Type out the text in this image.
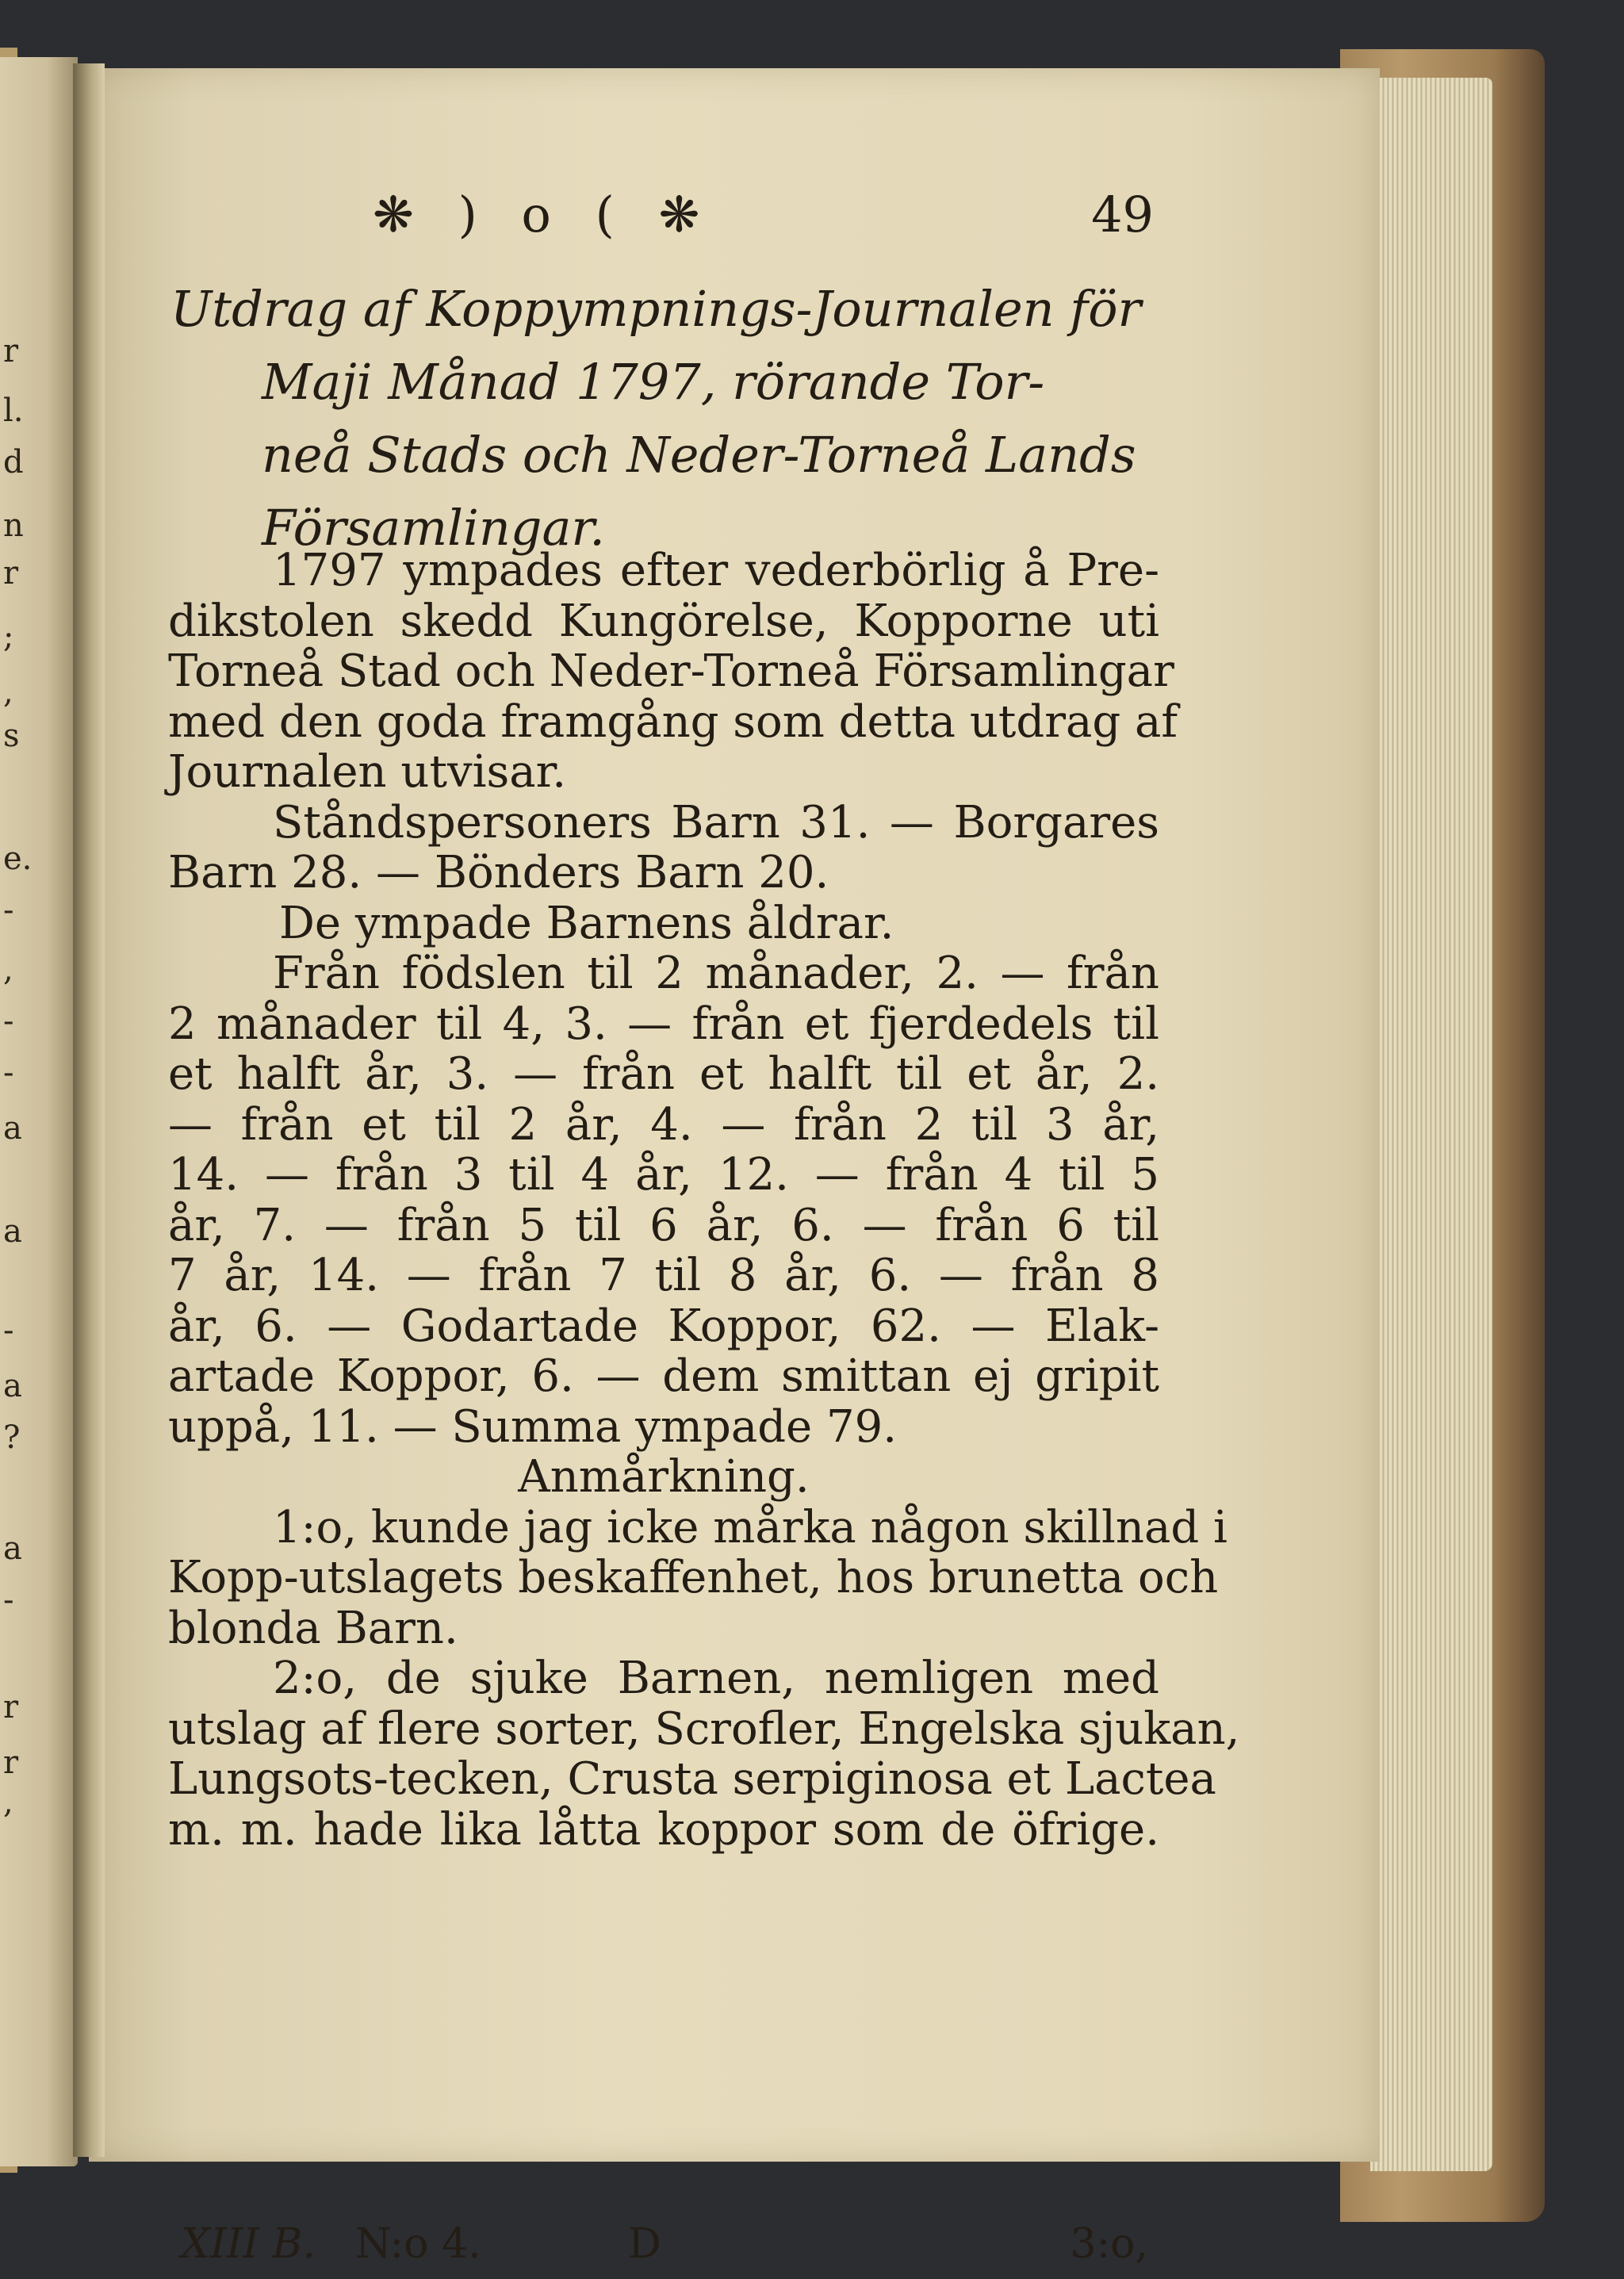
r
l.
d
n
r
;
,
s
e.
-
,
-
-
a
a
-
a
?
a
-
r
r
,
❋ ) o ( ❋	49
Utdrag af Koppympnings-Journalen för
Maji Månad 1797, rörande Tor-
neå Stads och Neder-Torneå Lands
Församlingar.
1797 ympades efter vederbörlig å Pre-
dikstolen skedd Kungörelse, Kopporne uti
Torneå Stad och Neder-Torneå Församlingar
med den goda framgång som detta utdrag af
Journalen utvisar.
Ståndspersoners Barn 31. — Borgares
Barn 28. — Bönders Barn 20.
De ympade Barnens åldrar.
Från födslen til 2 månader, 2. — från
2 månader til 4, 3. — från et fjerdedels til
et halft år, 3. — från et halft til et år, 2.
— från et til 2 år, 4. — från 2 til 3 år,
14. — från 3 til 4 år, 12. — från 4 til 5
år, 7. — från 5 til 6 år, 6. — från 6 til
7 år, 14. — från 7 til 8 år, 6. — från 8
år, 6. — Godartade Koppor, 62. — Elak-
artade Koppor, 6. — dem smittan ej gripit
uppå, 11. — Summa ympade 79.
Anmårkning.
1:o, kunde jag icke mårka någon skillnad i
Kopp-utslagets beskaffenhet, hos brunetta och
blonda Barn.
2:o, de sjuke Barnen, nemligen med
utslag af flere sorter, Scrofler, Engelska sjukan,
Lungsots-tecken, Crusta serpiginosa et Lactea
m. m. hade lika låtta koppor som de öfrige.
XIII B. N:o 4.	D	3:o,
